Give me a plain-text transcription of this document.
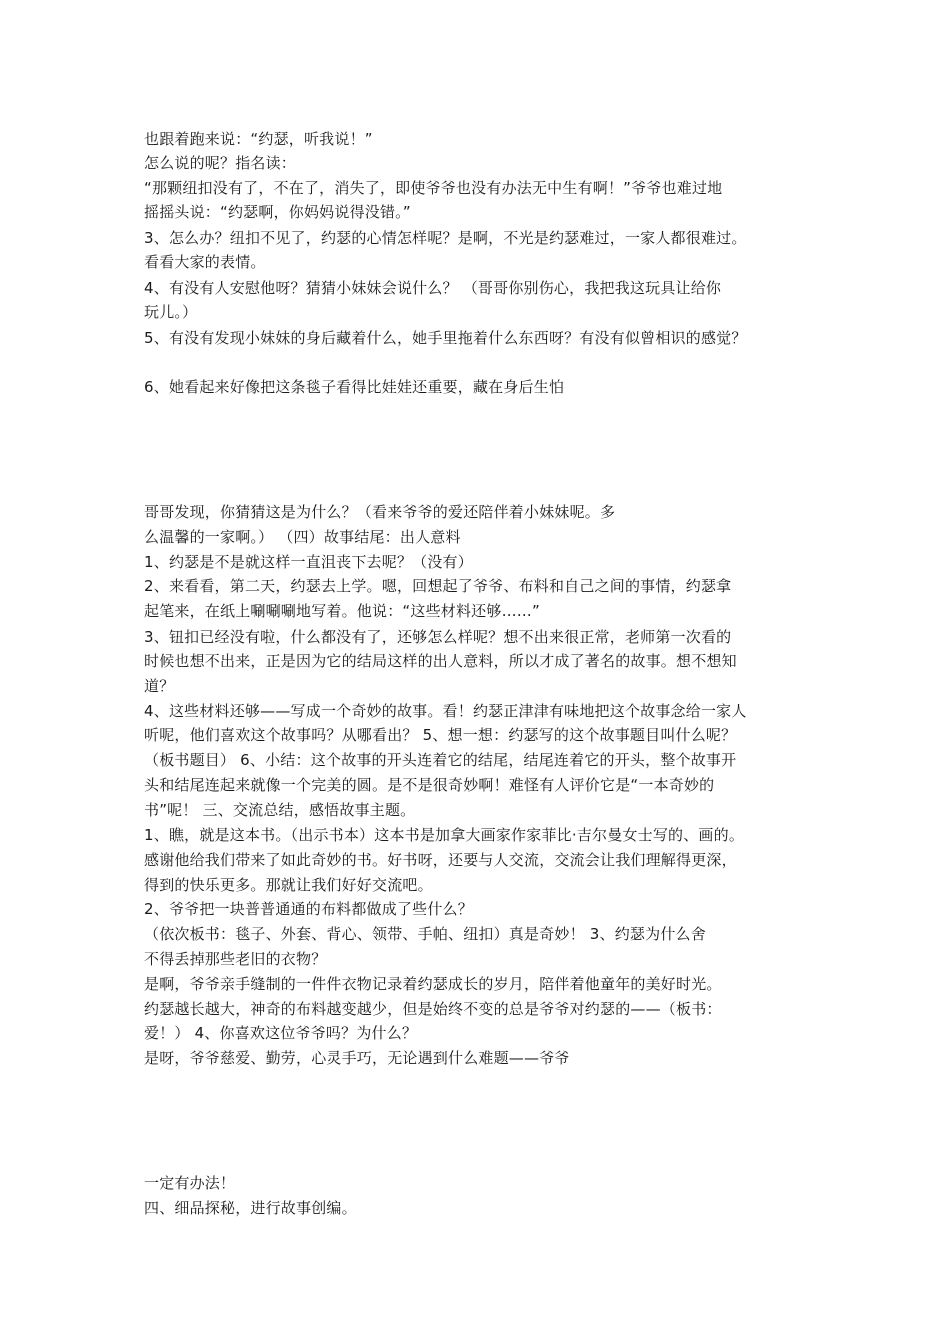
也跟着跑来说：“约瑟，听我说！”
怎么说的呢？指名读：
“那颗纽扣没有了，不在了，消失了，即使爷爷也没有办法无中生有啊！”爷爷也难过地
摇摇头说：“约瑟啊，你妈妈说得没错。”
3、怎么办？纽扣不见了，约瑟的心情怎样呢？是啊，不光是约瑟难过，一家人都很难过。
看看大家的表情。
4、有没有人安慰他呀？猜猜小妹妹会说什么？ （哥哥你别伤心，我把我这玩具让给你
玩儿。）
5、有没有发现小妹妹的身后藏着什么，她手里拖着什么东西呀？有没有似曾相识的感觉？
6、她看起来好像把这条毯子看得比娃娃还重要，藏在身后生怕
哥哥发现，你猜猜这是为什么？（看来爷爷的爱还陪伴着小妹妹呢。多
么温馨的一家啊。） （四）故事结尾：出人意料
1、约瑟是不是就这样一直沮丧下去呢？（没有）
2、来看看，第二天，约瑟去上学。嗯，回想起了爷爷、布料和自己之间的事情，约瑟拿
起笔来，在纸上唰唰唰地写着。他说：“这些材料还够……”
3、钮扣已经没有啦，什么都没有了，还够怎么样呢？想不出来很正常，老师第一次看的
时候也想不出来，正是因为它的结局这样的出人意料，所以才成了著名的故事。想不想知
道？
4、这些材料还够——写成一个奇妙的故事。看！约瑟正津津有味地把这个故事念给一家人
听呢，他们喜欢这个故事吗？从哪看出？ 5、想一想：约瑟写的这个故事题目叫什么呢？
（板书题目） 6、小结：这个故事的开头连着它的结尾，结尾连着它的开头，整个故事开
头和结尾连起来就像一个完美的圆。是不是很奇妙啊！难怪有人评价它是“一本奇妙的
书”呢！ 三、交流总结，感悟故事主题。
1、瞧，就是这本书。（出示书本）这本书是加拿大画家作家菲比·吉尔曼女士写的、画的。
感谢他给我们带来了如此奇妙的书。好书呀，还要与人交流，交流会让我们理解得更深，
得到的快乐更多。那就让我们好好交流吧。
2、爷爷把一块普普通通的布料都做成了些什么？
（依次板书：毯子、外套、背心、领带、手帕、纽扣）真是奇妙！ 3、约瑟为什么舍
不得丢掉那些老旧的衣物？
是啊，爷爷亲手缝制的一件件衣物记录着约瑟成长的岁月，陪伴着他童年的美好时光。
约瑟越长越大，神奇的布料越变越少，但是始终不变的总是爷爷对约瑟的——（板书：
爱！） 4、你喜欢这位爷爷吗？为什么？
是呀，爷爷慈爱、勤劳，心灵手巧，无论遇到什么难题——爷爷
一定有办法！
四、细品探秘，进行故事创编。
